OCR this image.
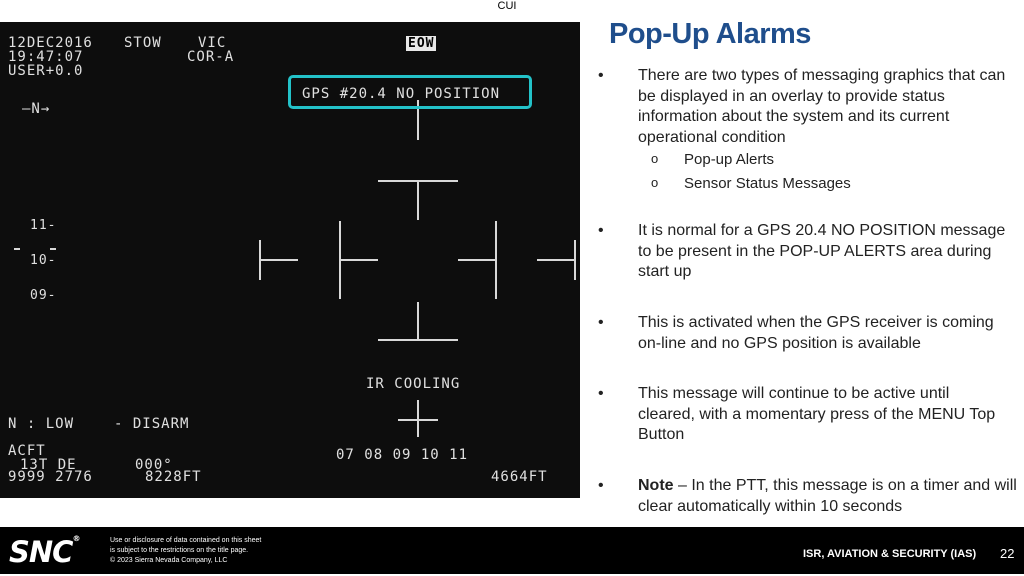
CUI
12DEC2016
19:47:07
USER+0.0
STOW	VIC
COR-A
EOW
—N→
GPS #20.4 NO POSITION
11-
10-
09-
IR COOLING
N : LOW	- DISARM
ACFT
13T DE
9999 2776
000°
8228FT
07 08 09 10 11
4664FT
Pop-Up Alarms
• There are two types of messaging graphics that can be displayed in an overlay to provide status information about the system and its current operational condition
o Pop-up Alerts
o Sensor Status Messages
• It is normal for a GPS 20.4 NO POSITION message to be present in the POP-UP ALERTS area during start up
• This is activated when the GPS receiver is coming on-line and no GPS position is available
• This message will continue to be active until cleared, with a momentary press of the MENU Top Button
• Note – In the PTT, this message is on a timer and will clear automatically within 10 seconds
SNC®	Use or disclosure of data contained on this sheet
is subject to the restrictions on the title page.
© 2023 Sierra Nevada Company, LLC
ISR, AVIATION & SECURITY (IAS) 22
CUI
